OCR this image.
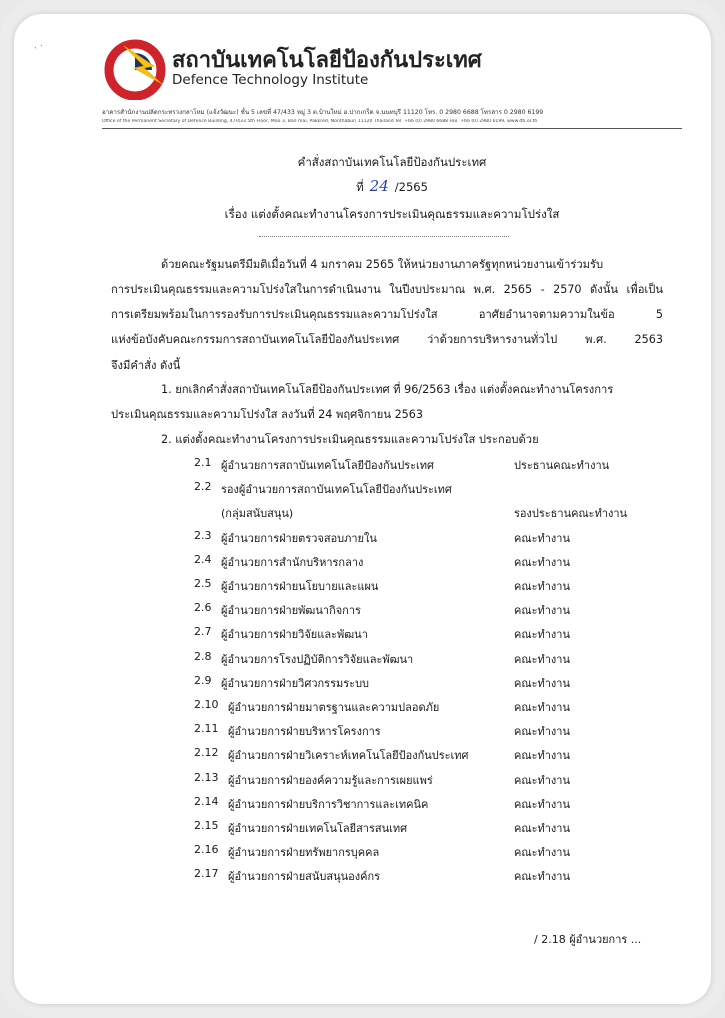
· ·
สถาบันเทคโนโลยีป้องกันประเทศ
Defence Technology Institute
อาคารสำนักงานปลัดกระทรวงกลาโหม (แจ้งวัฒนะ) ชั้น 5 เลขที่ 47/433 หมู่ 3 ต.บ้านใหม่ อ.ปากเกร็ด จ.นนทบุรี 11120 โทร. 0 2980 6688 โทรสาร 0 2980 6199
Office of the Permanent Secretary of Defence Building, 47/433 5th Floor, Moo 3, Ban mai, Pakkred, Nonthaburi 11120 Thailand Tel. +66 (0) 2980 6688 Fax. +66 (0) 2980 6199, www.dti.or.th
คำสั่งสถาบันเทคโนโลยีป้องกันประเทศ
ที่ 24 /2565
เรื่อง แต่งตั้งคณะทำงานโครงการประเมินคุณธรรมและความโปร่งใส
ด้วยคณะรัฐมนตรีมีมติเมื่อวันที่ 4 มกราคม 2565 ให้หน่วยงานภาครัฐทุกหน่วยงานเข้าร่วมรับ
การประเมินคุณธรรมและความโปร่งใสในการดำเนินงาน ในปีงบประมาณ พ.ศ. 2565 - 2570 ดังนั้น เพื่อเป็น
การเตรียมพร้อมในการรองรับการประเมินคุณธรรมและความโปร่งใส อาศัยอำนาจตามความในข้อ 5
แห่งข้อบังคับคณะกรรมการสถาบันเทคโนโลยีป้องกันประเทศ ว่าด้วยการบริหารงานทั่วไป พ.ศ. 2563
จึงมีคำสั่ง ดังนี้
1. ยกเลิกคำสั่งสถาบันเทคโนโลยีป้องกันประเทศ ที่ 96/2563 เรื่อง แต่งตั้งคณะทำงานโครงการ
ประเมินคุณธรรมและความโปร่งใส ลงวันที่ 24 พฤศจิกายน 2563
2. แต่งตั้งคณะทำงานโครงการประเมินคุณธรรมและความโปร่งใส ประกอบด้วย
2.1 ผู้อำนวยการสถาบันเทคโนโลยีป้องกันประเทศ	ประธานคณะทำงาน
2.2 รองผู้อำนวยการสถาบันเทคโนโลยีป้องกันประเทศ
(กลุ่มสนับสนุน)	รองประธานคณะทำงาน
2.3 ผู้อำนวยการฝ่ายตรวจสอบภายใน	คณะทำงาน
2.4 ผู้อำนวยการสำนักบริหารกลาง	คณะทำงาน
2.5 ผู้อำนวยการฝ่ายนโยบายและแผน	คณะทำงาน
2.6 ผู้อำนวยการฝ่ายพัฒนากิจการ	คณะทำงาน
2.7 ผู้อำนวยการฝ่ายวิจัยและพัฒนา	คณะทำงาน
2.8 ผู้อำนวยการโรงปฏิบัติการวิจัยและพัฒนา	คณะทำงาน
2.9 ผู้อำนวยการฝ่ายวิศวกรรมระบบ	คณะทำงาน
2.10 ผู้อำนวยการฝ่ายมาตรฐานและความปลอดภัย	คณะทำงาน
2.11 ผู้อำนวยการฝ่ายบริหารโครงการ	คณะทำงาน
2.12 ผู้อำนวยการฝ่ายวิเคราะห์เทคโนโลยีป้องกันประเทศ	คณะทำงาน
2.13 ผู้อำนวยการฝ่ายองค์ความรู้และการเผยแพร่	คณะทำงาน
2.14 ผู้อำนวยการฝ่ายบริการวิชาการและเทคนิค	คณะทำงาน
2.15 ผู้อำนวยการฝ่ายเทคโนโลยีสารสนเทศ	คณะทำงาน
2.16 ผู้อำนวยการฝ่ายทรัพยากรบุคคล	คณะทำงาน
2.17 ผู้อำนวยการฝ่ายสนับสนุนองค์กร	คณะทำงาน
/ 2.18 ผู้อำนวยการ ...
